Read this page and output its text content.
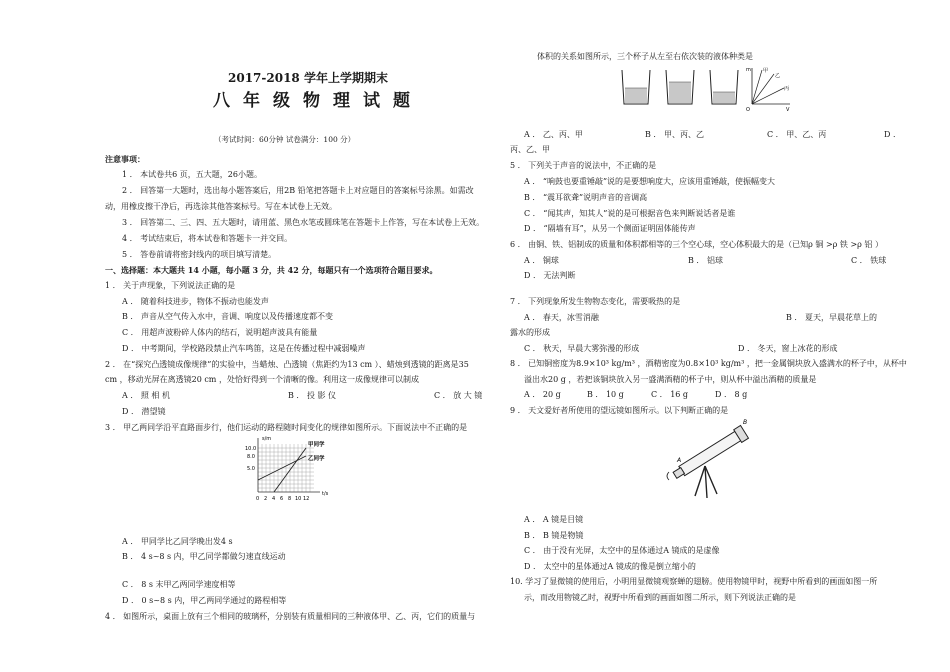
2017-2018 学年上学期期末
八年级物理试题
（考试时间：60分钟 试卷满分：100 分）
注意事项：
1 ． 本试卷共6 页，五大题，26小题。
2 ． 回答第一大题时，选出每小题答案后，用2B 铅笔把答题卡上对应题目的答案标号涂黑。如需改
动，用橡皮擦干净后，再选涂其他答案标号。写在本试卷上无效。
3 ． 回答第二、三、四、五大题时，请用蓝、黑色水笔或圆珠笔在答题卡上作答，写在本试卷上无效。
4 ． 考试结束后，将本试卷和答题卡一并交回。
5 ． 答卷前请将密封线内的项目填写清楚。
一、选择题：本大题共 14 小题，每小题 3 分，共 42 分，每题只有一个选项符合题目要求。
1 ． 关于声现象，下列说法正确的是
A ． 随着科技进步，物体不振动也能发声
B ． 声音从空气传入水中，音调、响度以及传播速度都不变
C ． 用超声波粉碎人体内的结石，说明超声波具有能量
D ． 中考期间，学校路段禁止汽车鸣笛，这是在传播过程中减弱噪声
2 ． 在“探究凸透镜成像规律”的实验中，当蜡烛、凸透镜（焦距约为13 cm ）、蜡烛到透镜的距离是35
cm ，移动光屏在离透镜20 cm ，处恰好得到一个清晰的像。利用这一成像规律可以制成
A ． 照 相 机	B ． 投 影 仪	C ． 放 大 镜
D ． 潜望镜
3 ． 甲乙两同学沿平直路面步行，他们运动的路程随时间变化的规律如图所示。下面说法中不正确的是
s/m
t/s
10.0
8.0
5.0
0 2 4 6 8 10 12
甲同学
乙同学
A ． 甲同学比乙同学晚出发4 s
B ． 4 s~8 s 内，甲乙同学都做匀速直线运动
C ． 8 s 末甲乙两同学速度相等
D ． 0 s~8 s 内，甲乙两同学通过的路程相等
4 ． 如图所示，桌面上放有三个相同的玻璃杯，分别装有质量相同的三种液体甲、乙、丙，它们的质量与
体积的关系如图所示，三个杯子从左至右依次装的液体种类是
甲
乙
丙
V
m
O
A ． 乙、丙、甲	B ． 甲、丙、乙	C ． 甲、乙、丙	D ．
丙、乙、甲
5 ． 下列关于声音的说法中，不正确的是
A ． “响鼓也要重锤敲”说的是要想响度大，应该用重锤敲，使振幅变大
B ． “震耳欲聋”说明声音的音调高
C ． “闻其声，知其人”说的是可根据音色来判断说话者是谁
D ． “隔墙有耳”，从另一个侧面证明固体能传声
6 ． 由铜、铁、铝制成的质量和体积都相等的三个空心球，空心体积最大的是（已知ρ 铜 >ρ 铁 >ρ 铝 ）
A ． 铜球	B ． 铝球	C ． 铁球
D ． 无法判断
7 ． 下列现象所发生物物态变化，需要吸热的是
A ． 春天，冰雪消融	B ． 夏天，早晨花草上的
露水的形成
C ． 秋天，早晨大雾弥漫的形成	D ． 冬天，窗上冰花的形成
8 ． 已知铜密度为8.9×10³ kg/m³ ，酒精密度为0.8×10³ kg/m³ ，把一金属铜块放入盛满水的杯子中，从杯中
溢出水20 g ，若把该铜块放入另一盛满酒精的杯子中，则从杯中溢出酒精的质量是
A ． 20 g	B ． 10 g	C ． 16 g	D ． 8 g
9 ． 天文爱好者所使用的望远镜如图所示。以下判断正确的是
A
B
A ． A 镜是目镜
B ． B 镜是物镜
C ． 由于没有光屏，太空中的星体通过A 镜成的是虚像
D ． 太空中的星体通过A 镜成的像是倒立缩小的
10. 学习了显微镜的使用后，小明用显微镜观察蝉的翅膀。使用物镜甲时，视野中所看到的画面如图一所
示，而改用物镜乙时，视野中所看到的画面如图二所示，则下列说法正确的是
